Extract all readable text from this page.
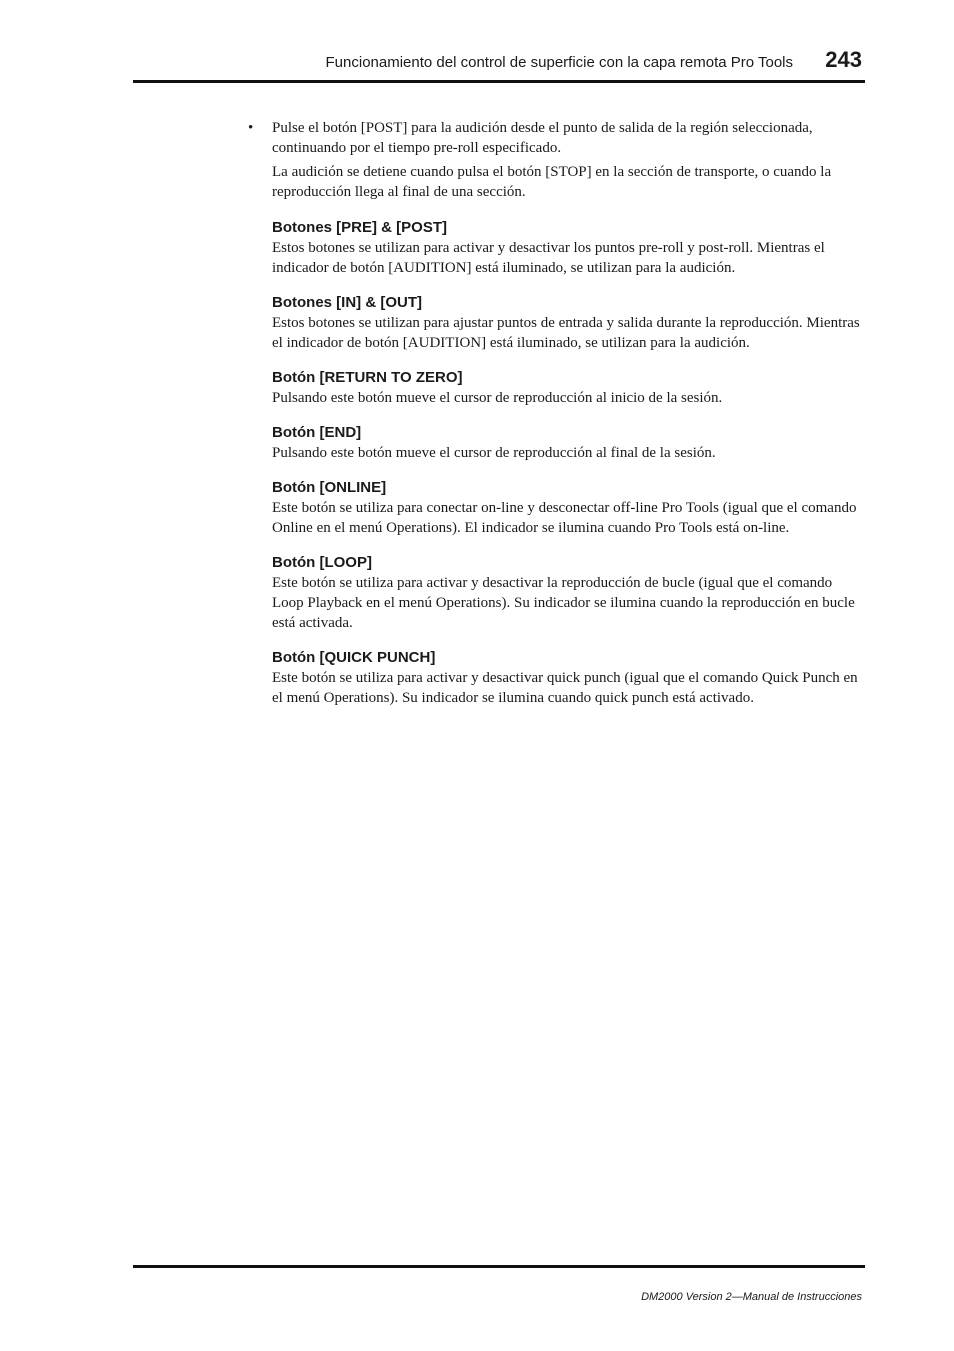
Funcionamiento del control de superficie con la capa remota Pro Tools 243
• Pulse el botón [POST] para la audición desde el punto de salida de la región seleccionada, continuando por el tiempo pre-roll especificado.

La audición se detiene cuando pulsa el botón [STOP] en la sección de transporte, o cuando la reproducción llega al final de una sección.

Botones [PRE] & [POST]

Estos botones se utilizan para activar y desactivar los puntos pre-roll y post-roll. Mientras el indicador de botón [AUDITION] está iluminado, se utilizan para la audición.

Botones [IN] & [OUT]

Estos botones se utilizan para ajustar puntos de entrada y salida durante la reproducción. Mientras el indicador de botón [AUDITION] está iluminado, se utilizan para la audición.

Botón [RETURN TO ZERO]

Pulsando este botón mueve el cursor de reproducción al inicio de la sesión.

Botón [END]

Pulsando este botón mueve el cursor de reproducción al final de la sesión.

Botón [ONLINE]

Este botón se utiliza para conectar on-line y desconectar off-line Pro Tools (igual que el comando Online en el menú Operations). El indicador se ilumina cuando Pro Tools está on-line.

Botón [LOOP]

Este botón se utiliza para activar y desactivar la reproducción de bucle (igual que el comando Loop Playback en el menú Operations). Su indicador se ilumina cuando la reproducción en bucle está activada.

Botón [QUICK PUNCH]

Este botón se utiliza para activar y desactivar quick punch (igual que el comando Quick Punch en el menú Operations). Su indicador se ilumina cuando quick punch está activado.

DM2000 Version 2—Manual de Instrucciones
